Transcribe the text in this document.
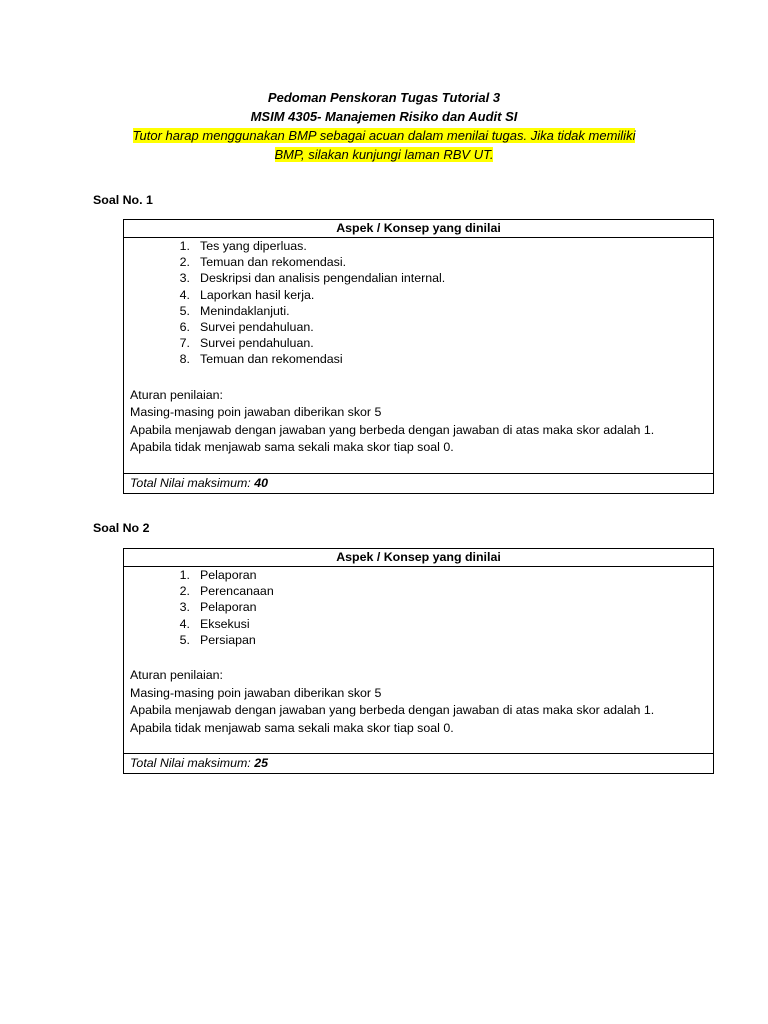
Pedoman Penskoran Tugas Tutorial 3
MSIM 4305- Manajemen Risiko dan Audit SI
Tutor harap menggunakan BMP sebagai acuan dalam menilai tugas. Jika tidak memiliki
BMP, silakan kunjungi laman RBV UT.
Soal No. 1
Aspek / Konsep yang dinilai
1. Tes yang diperluas.
2. Temuan dan rekomendasi.
3. Deskripsi dan analisis pengendalian internal.
4. Laporkan hasil kerja.
5. Menindaklanjuti.
6. Survei pendahuluan.
7. Survei pendahuluan.
8. Temuan dan rekomendasi
Aturan penilaian:
Masing-masing poin jawaban diberikan skor 5
Apabila menjawab dengan jawaban yang berbeda dengan jawaban di atas maka skor adalah 1.
Apabila tidak menjawab sama sekali maka skor tiap soal 0.
Total Nilai maksimum: 40
Soal No 2
Aspek / Konsep yang dinilai
1. Pelaporan
2. Perencanaan
3. Pelaporan
4. Eksekusi
5. Persiapan
Aturan penilaian:
Masing-masing poin jawaban diberikan skor 5
Apabila menjawab dengan jawaban yang berbeda dengan jawaban di atas maka skor adalah 1.
Apabila tidak menjawab sama sekali maka skor tiap soal 0.
Total Nilai maksimum: 25
